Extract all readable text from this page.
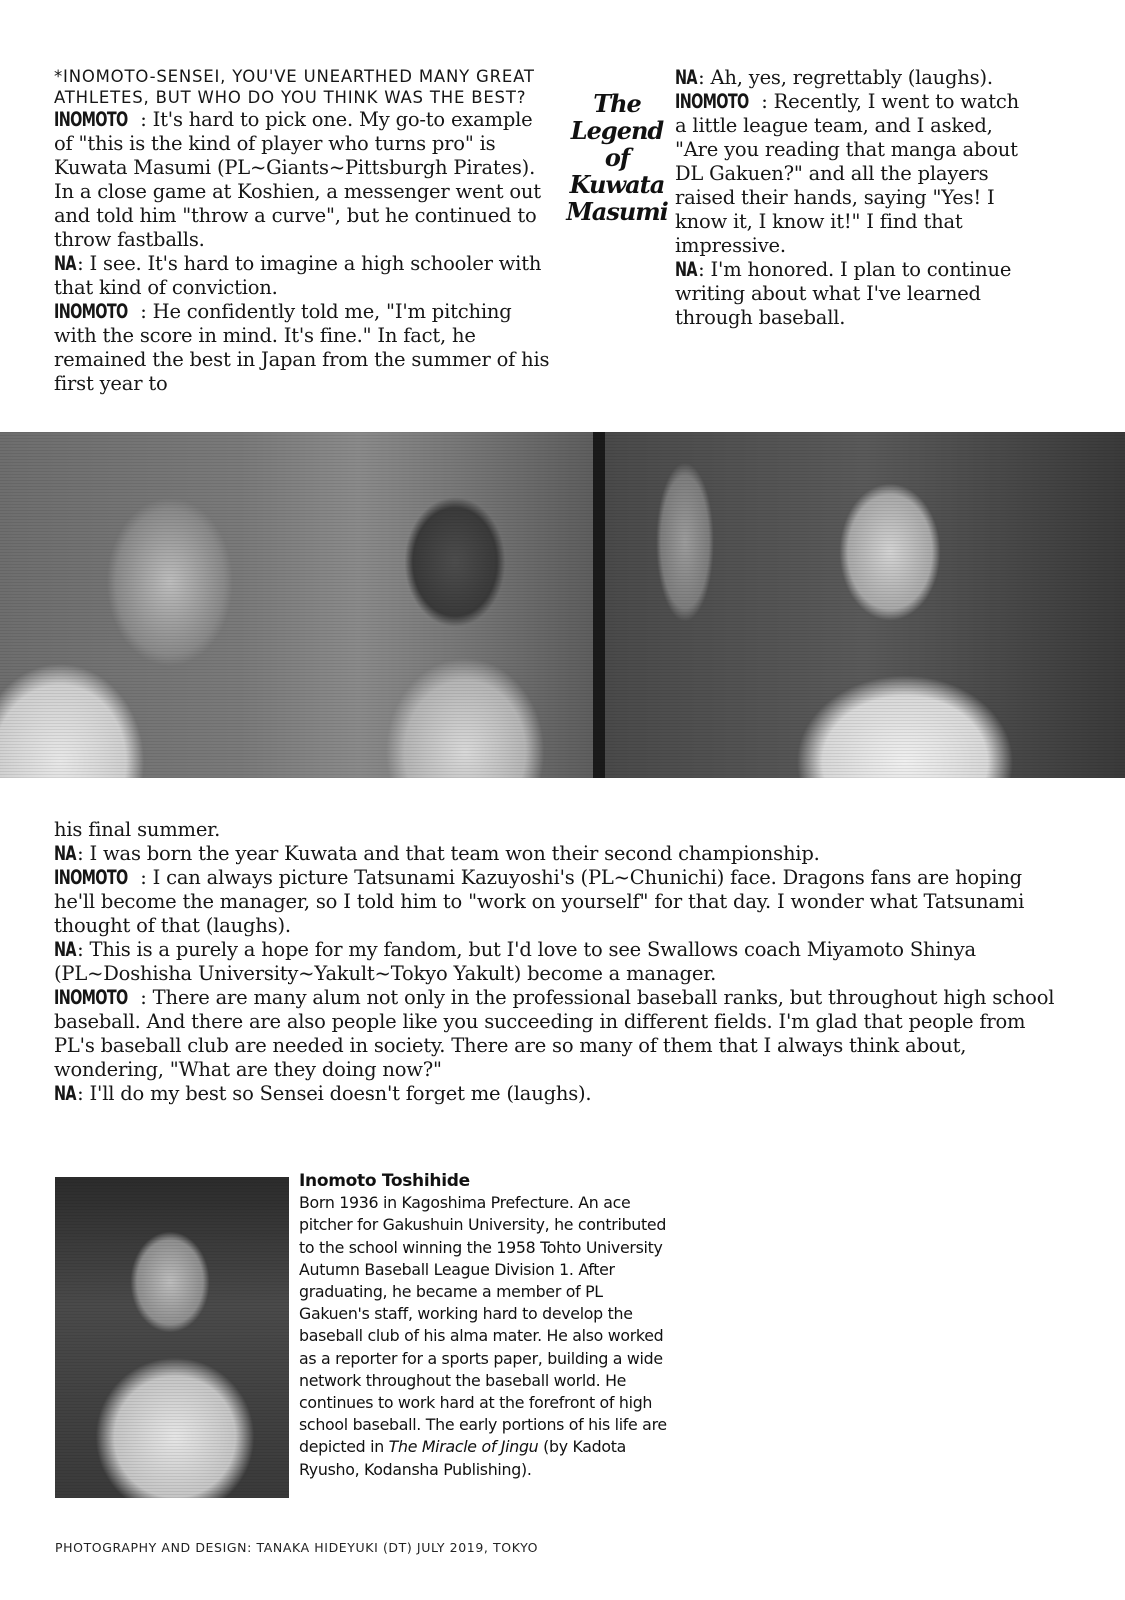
*INOMOTO-SENSEI, YOU'VE UNEARTHED MANY GREAT ATHLETES, BUT WHO DO YOU THINK WAS THE BEST?

INOMOTO : It's hard to pick one. My go-to example of "this is the kind of player who turns pro" is Kuwata Masumi (PL~Giants~Pittsburgh Pirates). In a close game at Koshien, a messenger went out and told him "throw a curve", but he continued to throw fastballs.

NA: I see. It's hard to imagine a high schooler with that kind of conviction.

INOMOTO : He confidently told me, "I'm pitching with the score in mind. It's fine." In fact, he remained the best in Japan from the summer of his first year to

The
Legend of
Kuwata
Masumi

NA: Ah, yes, regrettably (laughs).

INOMOTO : Recently, I went to watch a little league team, and I asked, "Are you reading that manga about DL Gakuen?" and all the players raised their hands, saying "Yes! I know it, I know it!" I find that impressive.

NA: I'm honored. I plan to continue writing about what I've learned through baseball.

his final summer.

NA: I was born the year Kuwata and that team won their second championship.

INOMOTO : I can always picture Tatsunami Kazuyoshi's (PL~Chunichi) face. Dragons fans are hoping he'll become the manager, so I told him to "work on yourself" for that day. I wonder what Tatsunami thought of that (laughs).

NA: This is a purely a hope for my fandom, but I'd love to see Swallows coach Miyamoto Shinya (PL~Doshisha University~Yakult~Tokyo Yakult) become a manager.

INOMOTO : There are many alum not only in the professional baseball ranks, but throughout high school baseball. And there are also people like you succeeding in different fields. I'm glad that people from PL's baseball club are needed in society. There are so many of them that I always think about, wondering, "What are they doing now?"

NA: I'll do my best so Sensei doesn't forget me (laughs).

Inomoto Toshihide

Born 1936 in Kagoshima Prefecture. An ace pitcher for Gakushuin University, he contributed to the school winning the 1958 Tohto University Autumn Baseball League Division 1. After graduating, he became a member of PL Gakuen's staff, working hard to develop the baseball club of his alma mater. He also worked as a reporter for a sports paper, building a wide network throughout the baseball world. He continues to work hard at the forefront of high school baseball. The early portions of his life are depicted in The Miracle of Jingu (by Kadota Ryusho, Kodansha Publishing).

PHOTOGRAPHY AND DESIGN: TANAKA HIDEYUKI (DT) JULY 2019, TOKYO
